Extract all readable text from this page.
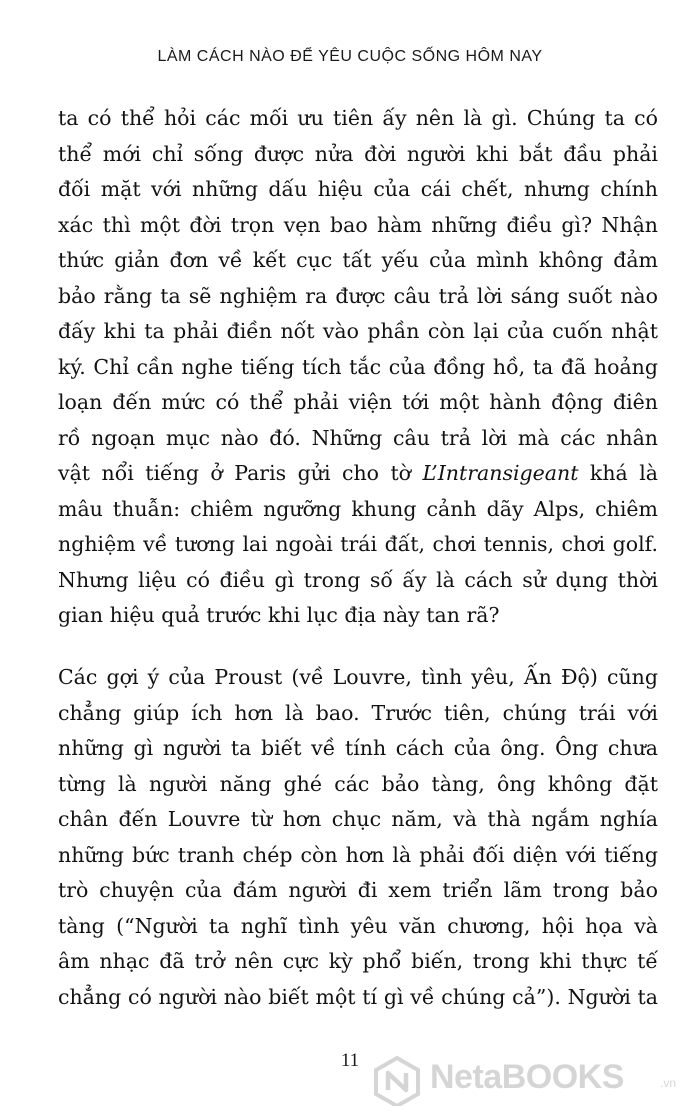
LÀM CÁCH NÀO ĐỂ YÊU CUỘC SỐNG HÔM NAY
ta có thể hỏi các mối ưu tiên ấy nên là gì. Chúng ta có
thể mới chỉ sống được nửa đời người khi bắt đầu phải
đối mặt với những dấu hiệu của cái chết, nhưng chính
xác thì một đời trọn vẹn bao hàm những điều gì? Nhận
thức giản đơn về kết cục tất yếu của mình không đảm
bảo rằng ta sẽ nghiệm ra được câu trả lời sáng suốt nào
đấy khi ta phải điền nốt vào phần còn lại của cuốn nhật
ký. Chỉ cần nghe tiếng tích tắc của đồng hồ, ta đã hoảng
loạn đến mức có thể phải viện tới một hành động điên
rồ ngoạn mục nào đó. Những câu trả lời mà các nhân
vật nổi tiếng ở Paris gửi cho tờ L’Intransigeant khá là
mâu thuẫn: chiêm ngưỡng khung cảnh dãy Alps, chiêm
nghiệm về tương lai ngoài trái đất, chơi tennis, chơi golf.
Nhưng liệu có điều gì trong số ấy là cách sử dụng thời
gian hiệu quả trước khi lục địa này tan rã?
Các gợi ý của Proust (về Louvre, tình yêu, Ấn Độ) cũng
chẳng giúp ích hơn là bao. Trước tiên, chúng trái với
những gì người ta biết về tính cách của ông. Ông chưa
từng là người năng ghé các bảo tàng, ông không đặt
chân đến Louvre từ hơn chục năm, và thà ngắm nghía
những bức tranh chép còn hơn là phải đối diện với tiếng
trò chuyện của đám người đi xem triển lãm trong bảo
tàng (“Người ta nghĩ tình yêu văn chương, hội họa và
âm nhạc đã trở nên cực kỳ phổ biến, trong khi thực tế
chẳng có người nào biết một tí gì về chúng cả”). Người ta
11	NetaBOOKS	.vn
